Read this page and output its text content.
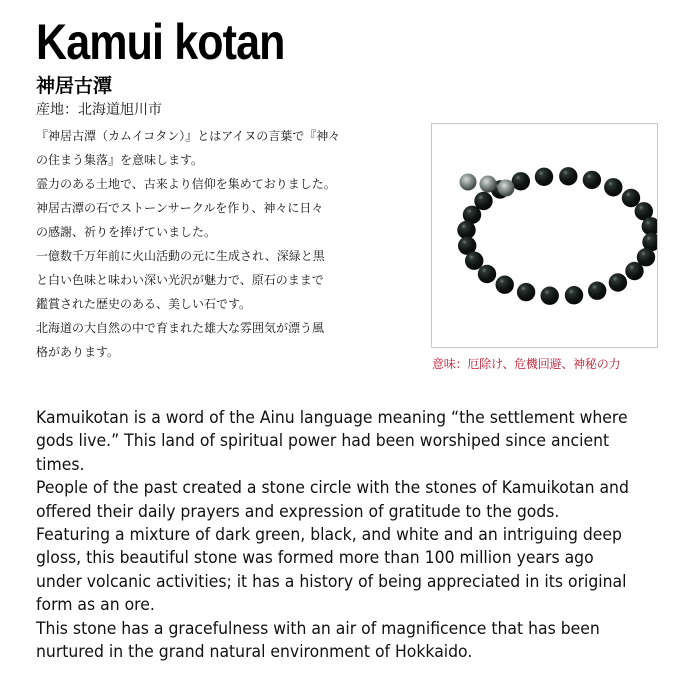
Kamui kotan
神居古潭
産地：北海道旭川市

『神居古潭（カムイコタン）』とはアイヌの言葉で『神々

の住まう集落』を意味します。

霊力のある土地で、古来より信仰を集めておりました。

神居古潭の石でストーンサークルを作り、神々に日々

の感謝、祈りを捧げていました。

一億数千万年前に火山活動の元に生成され、深緑と黒

と白い色味と味わい深い光沢が魅力で、原石のままで

鑑賞された歴史のある、美しい石です。

北海道の大自然の中で育まれた雄大な雰囲気が漂う風

格があります。

意味：厄除け、危機回避、神秘の力

Kamuikotan is a word of the Ainu language meaning “the settlement where

gods live.” This land of spiritual power had been worshiped since ancient

times.

People of the past created a stone circle with the stones of Kamuikotan and

offered their daily prayers and expression of gratitude to the gods.

Featuring a mixture of dark green, black, and white and an intriguing deep

gloss, this beautiful stone was formed more than 100 million years ago

under volcanic activities; it has a history of being appreciated in its original

form as an ore.

This stone has a gracefulness with an air of magnificence that has been

nurtured in the grand natural environment of Hokkaido.
